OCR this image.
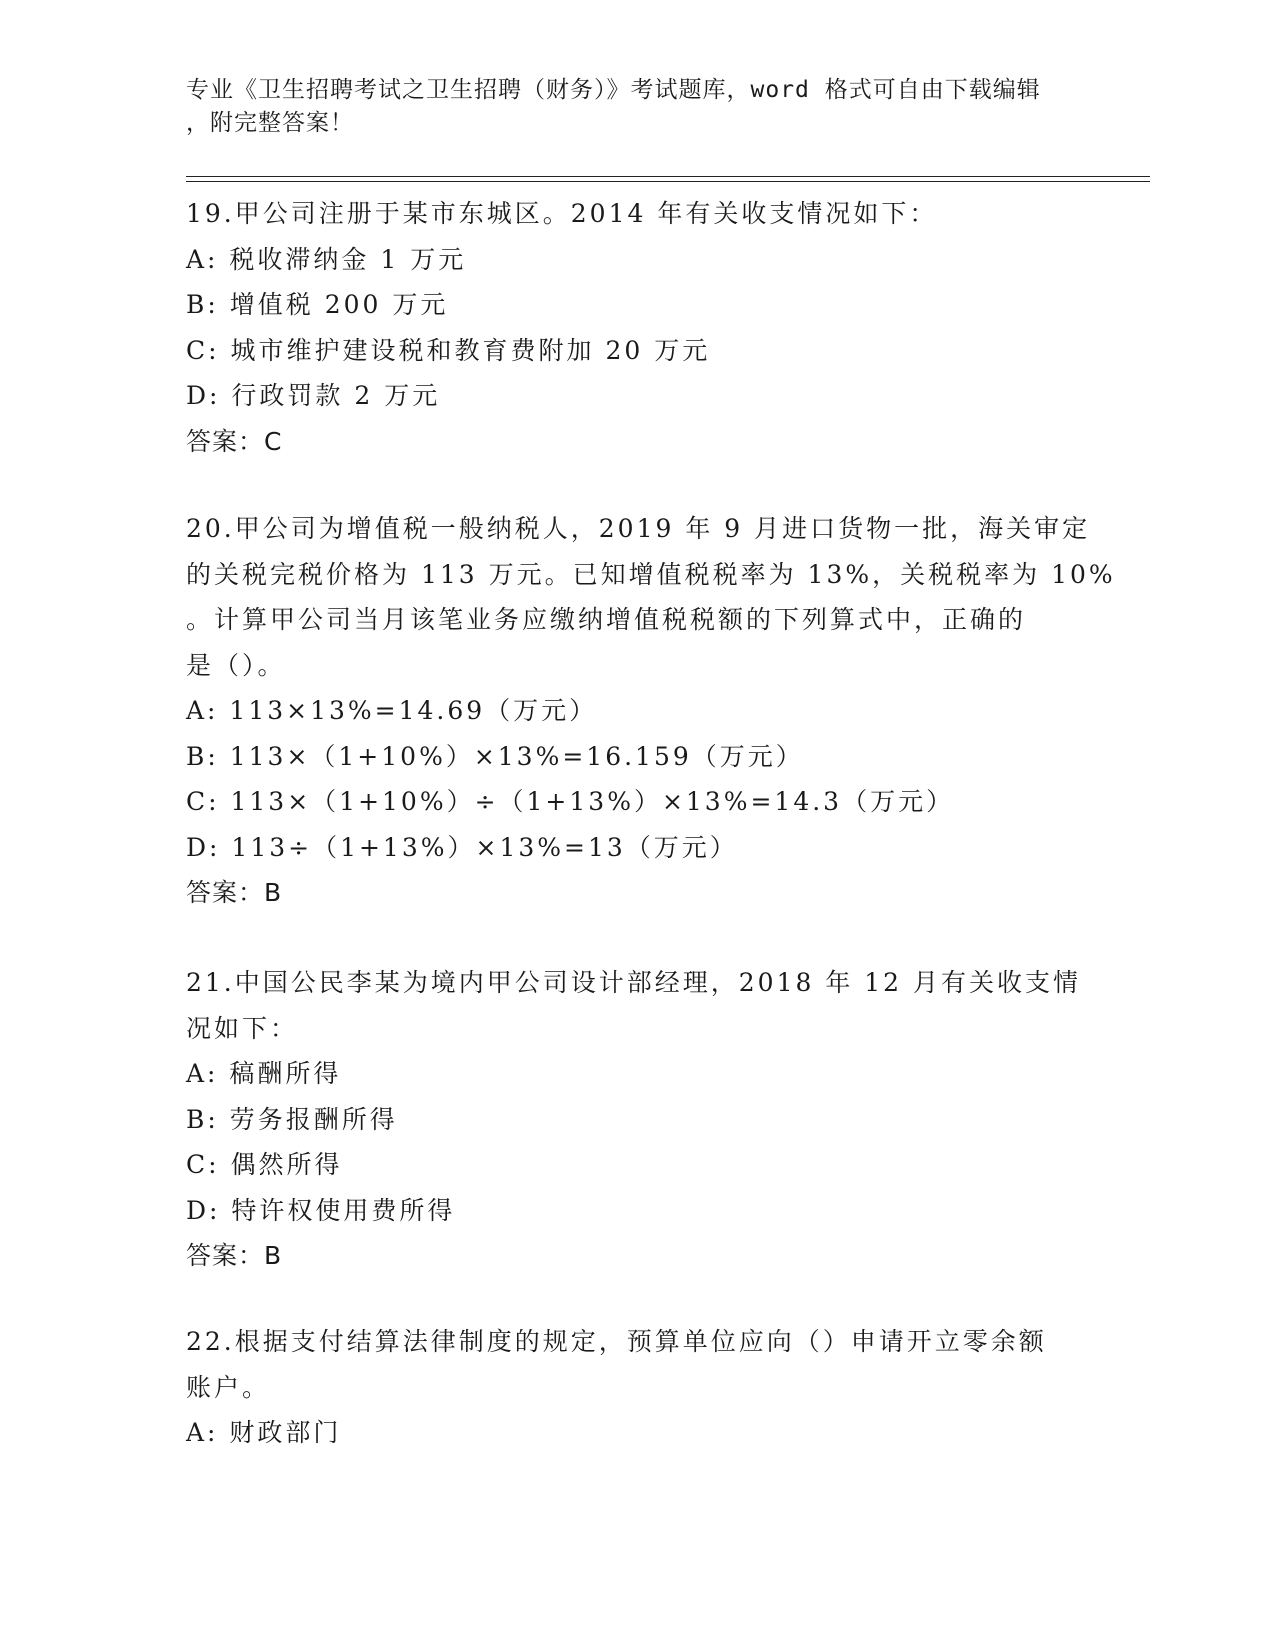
专业《卫生招聘考试之卫生招聘（财务）》考试题库，word 格式可自由下载编辑
，附完整答案！
19.甲公司注册于某市东城区。2014 年有关收支情况如下：
A: 税收滞纳金 1 万元
B: 增值税 200 万元
C: 城市维护建设税和教育费附加 20 万元
D: 行政罚款 2 万元
答案：C
20.甲公司为增值税一般纳税人，2019 年 9 月进口货物一批，海关审定
的关税完税价格为 113 万元。已知增值税税率为 13%，关税税率为 10%
。计算甲公司当月该笔业务应缴纳增值税税额的下列算式中，正确的
是（）。
A: 113×13%=14.69（万元）
B: 113×（1+10%）×13%=16.159（万元）
C: 113×（1+10%）÷（1+13%）×13%=14.3（万元）
D: 113÷（1+13%）×13%=13（万元）
答案：B
21.中国公民李某为境内甲公司设计部经理，2018 年 12 月有关收支情
况如下：
A: 稿酬所得
B: 劳务报酬所得
C: 偶然所得
D: 特许权使用费所得
答案：B
22.根据支付结算法律制度的规定，预算单位应向（）申请开立零余额
账户。
A: 财政部门
